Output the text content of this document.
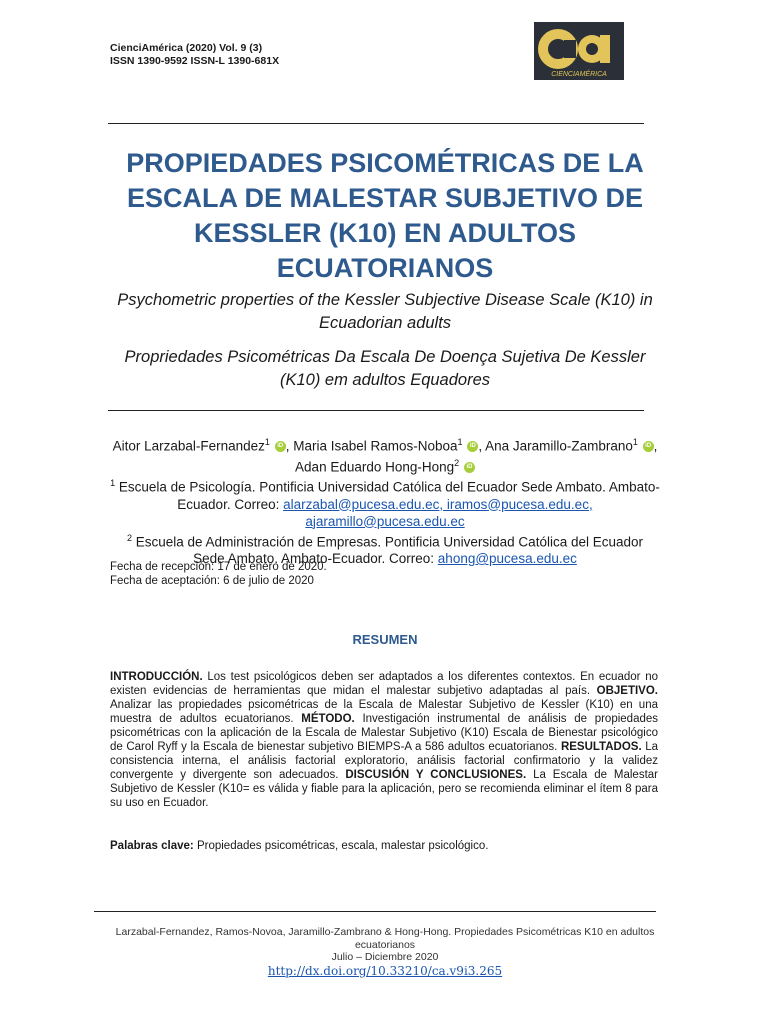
CienciAmérica (2020) Vol. 9 (3)
ISSN 1390-9592 ISSN-L 1390-681X
CIENCIAMÉRICA
PROPIEDADES PSICOMÉTRICAS DE LA ESCALA DE MALESTAR SUBJETIVO DE KESSLER (K10) EN ADULTOS ECUATORIANOS
Psychometric properties of the Kessler Subjective Disease Scale (K10) in Ecuadorian adults
Propriedades Psicométricas Da Escala De Doença Sujetiva De Kessler (K10) em adultos Equadores
Aitor Larzabal-Fernandez$^1$ iD , Maria Isabel Ramos-Noboa$^1$ iD , Ana Jaramillo-Zambrano$^1$ iD , Adan Eduardo Hong-Hong$^2$ iD
$^1$ Escuela de Psicología. Pontificia Universidad Católica del Ecuador Sede Ambato. Ambato-Ecuador. Correo: alarzabal@pucesa.edu.ec, iramos@pucesa.edu.ec, ajaramillo@pucesa.edu.ec
$^2$ Escuela de Administración de Empresas. Pontificia Universidad Católica del Ecuador Sede Ambato. Ambato-Ecuador. Correo: ahong@pucesa.edu.ec
Fecha de recepción: 17 de enero de 2020.
Fecha de aceptación: 6 de julio de 2020
RESUMEN
INTRODUCCIÓN. Los test psicológicos deben ser adaptados a los diferentes contextos. En ecuador no existen evidencias de herramientas que midan el malestar subjetivo adaptadas al país. OBJETIVO. Analizar las propiedades psicométricas de la Escala de Malestar Subjetivo de Kessler (K10) en una muestra de adultos ecuatorianos. MÉTODO. Investigación instrumental de análisis de propiedades psicométricas con la aplicación de la Escala de Malestar Subjetivo (K10) Escala de Bienestar psicológico de Carol Ryff y la Escala de bienestar subjetivo BIEMPS-A a 586 adultos ecuatorianos. RESULTADOS. La consistencia interna, el análisis factorial exploratorio, análisis factorial confirmatorio y la validez convergente y divergente son adecuados. DISCUSIÓN Y CONCLUSIONES. La Escala de Malestar Subjetivo de Kessler (K10= es válida y fiable para la aplicación, pero se recomienda eliminar el ítem 8 para su uso en Ecuador.
Palabras clave: Propiedades psicométricas, escala, malestar psicológico.
Larzabal-Fernandez, Ramos-Novoa, Jaramillo-Zambrano & Hong-Hong. Propiedades Psicométricas K10 en adultos ecuatorianos
Julio – Diciembre 2020
http://dx.doi.org/10.33210/ca.v9i3.265
